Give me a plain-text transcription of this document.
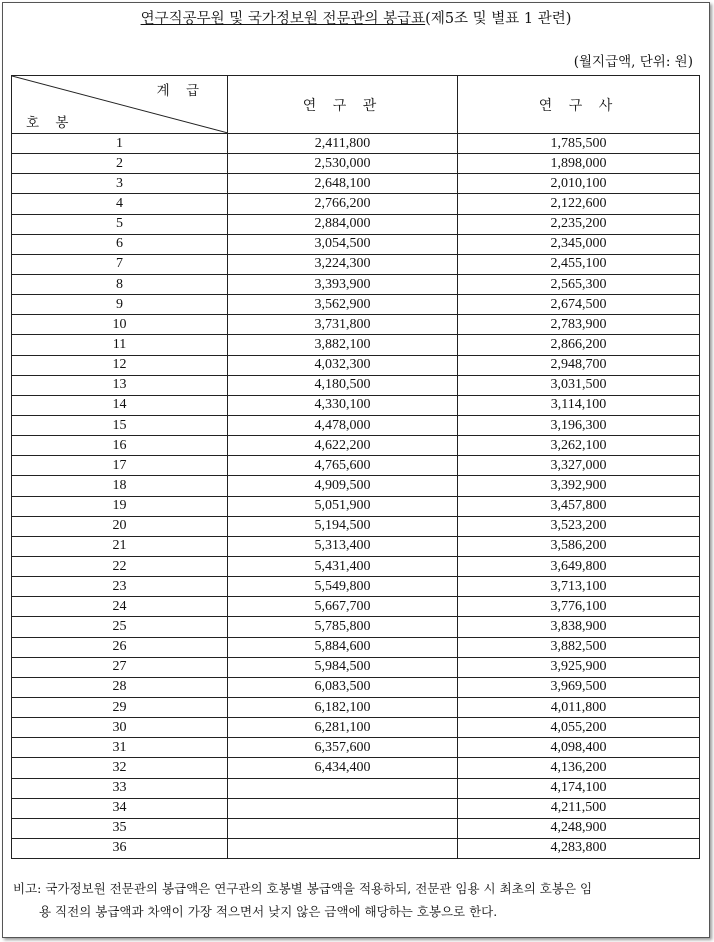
연구직공무원 및 국가정보원 전문관의 봉급표(제5조 및 별표 1 관련)
(월지급액, 단위: 원)
계 급
호 봉	연 구 관	연 구 사
1	2,411,800	1,785,500
2	2,530,000	1,898,000
3	2,648,100	2,010,100
4	2,766,200	2,122,600
5	2,884,000	2,235,200
6	3,054,500	2,345,000
7	3,224,300	2,455,100
8	3,393,900	2,565,300
9	3,562,900	2,674,500
10	3,731,800	2,783,900
11	3,882,100	2,866,200
12	4,032,300	2,948,700
13	4,180,500	3,031,500
14	4,330,100	3,114,100
15	4,478,000	3,196,300
16	4,622,200	3,262,100
17	4,765,600	3,327,000
18	4,909,500	3,392,900
19	5,051,900	3,457,800
20	5,194,500	3,523,200
21	5,313,400	3,586,200
22	5,431,400	3,649,800
23	5,549,800	3,713,100
24	5,667,700	3,776,100
25	5,785,800	3,838,900
26	5,884,600	3,882,500
27	5,984,500	3,925,900
28	6,083,500	3,969,500
29	6,182,100	4,011,800
30	6,281,100	4,055,200
31	6,357,600	4,098,400
32	6,434,400	4,136,200
33		4,174,100
34		4,211,500
35		4,248,900
36		4,283,800
비고: 국가정보원 전문관의 봉급액은 연구관의 호봉별 봉급액을 적용하되, 전문관 임용 시 최초의 호봉은 임
용 직전의 봉급액과 차액이 가장 적으면서 낮지 않은 금액에 해당하는 호봉으로 한다.
